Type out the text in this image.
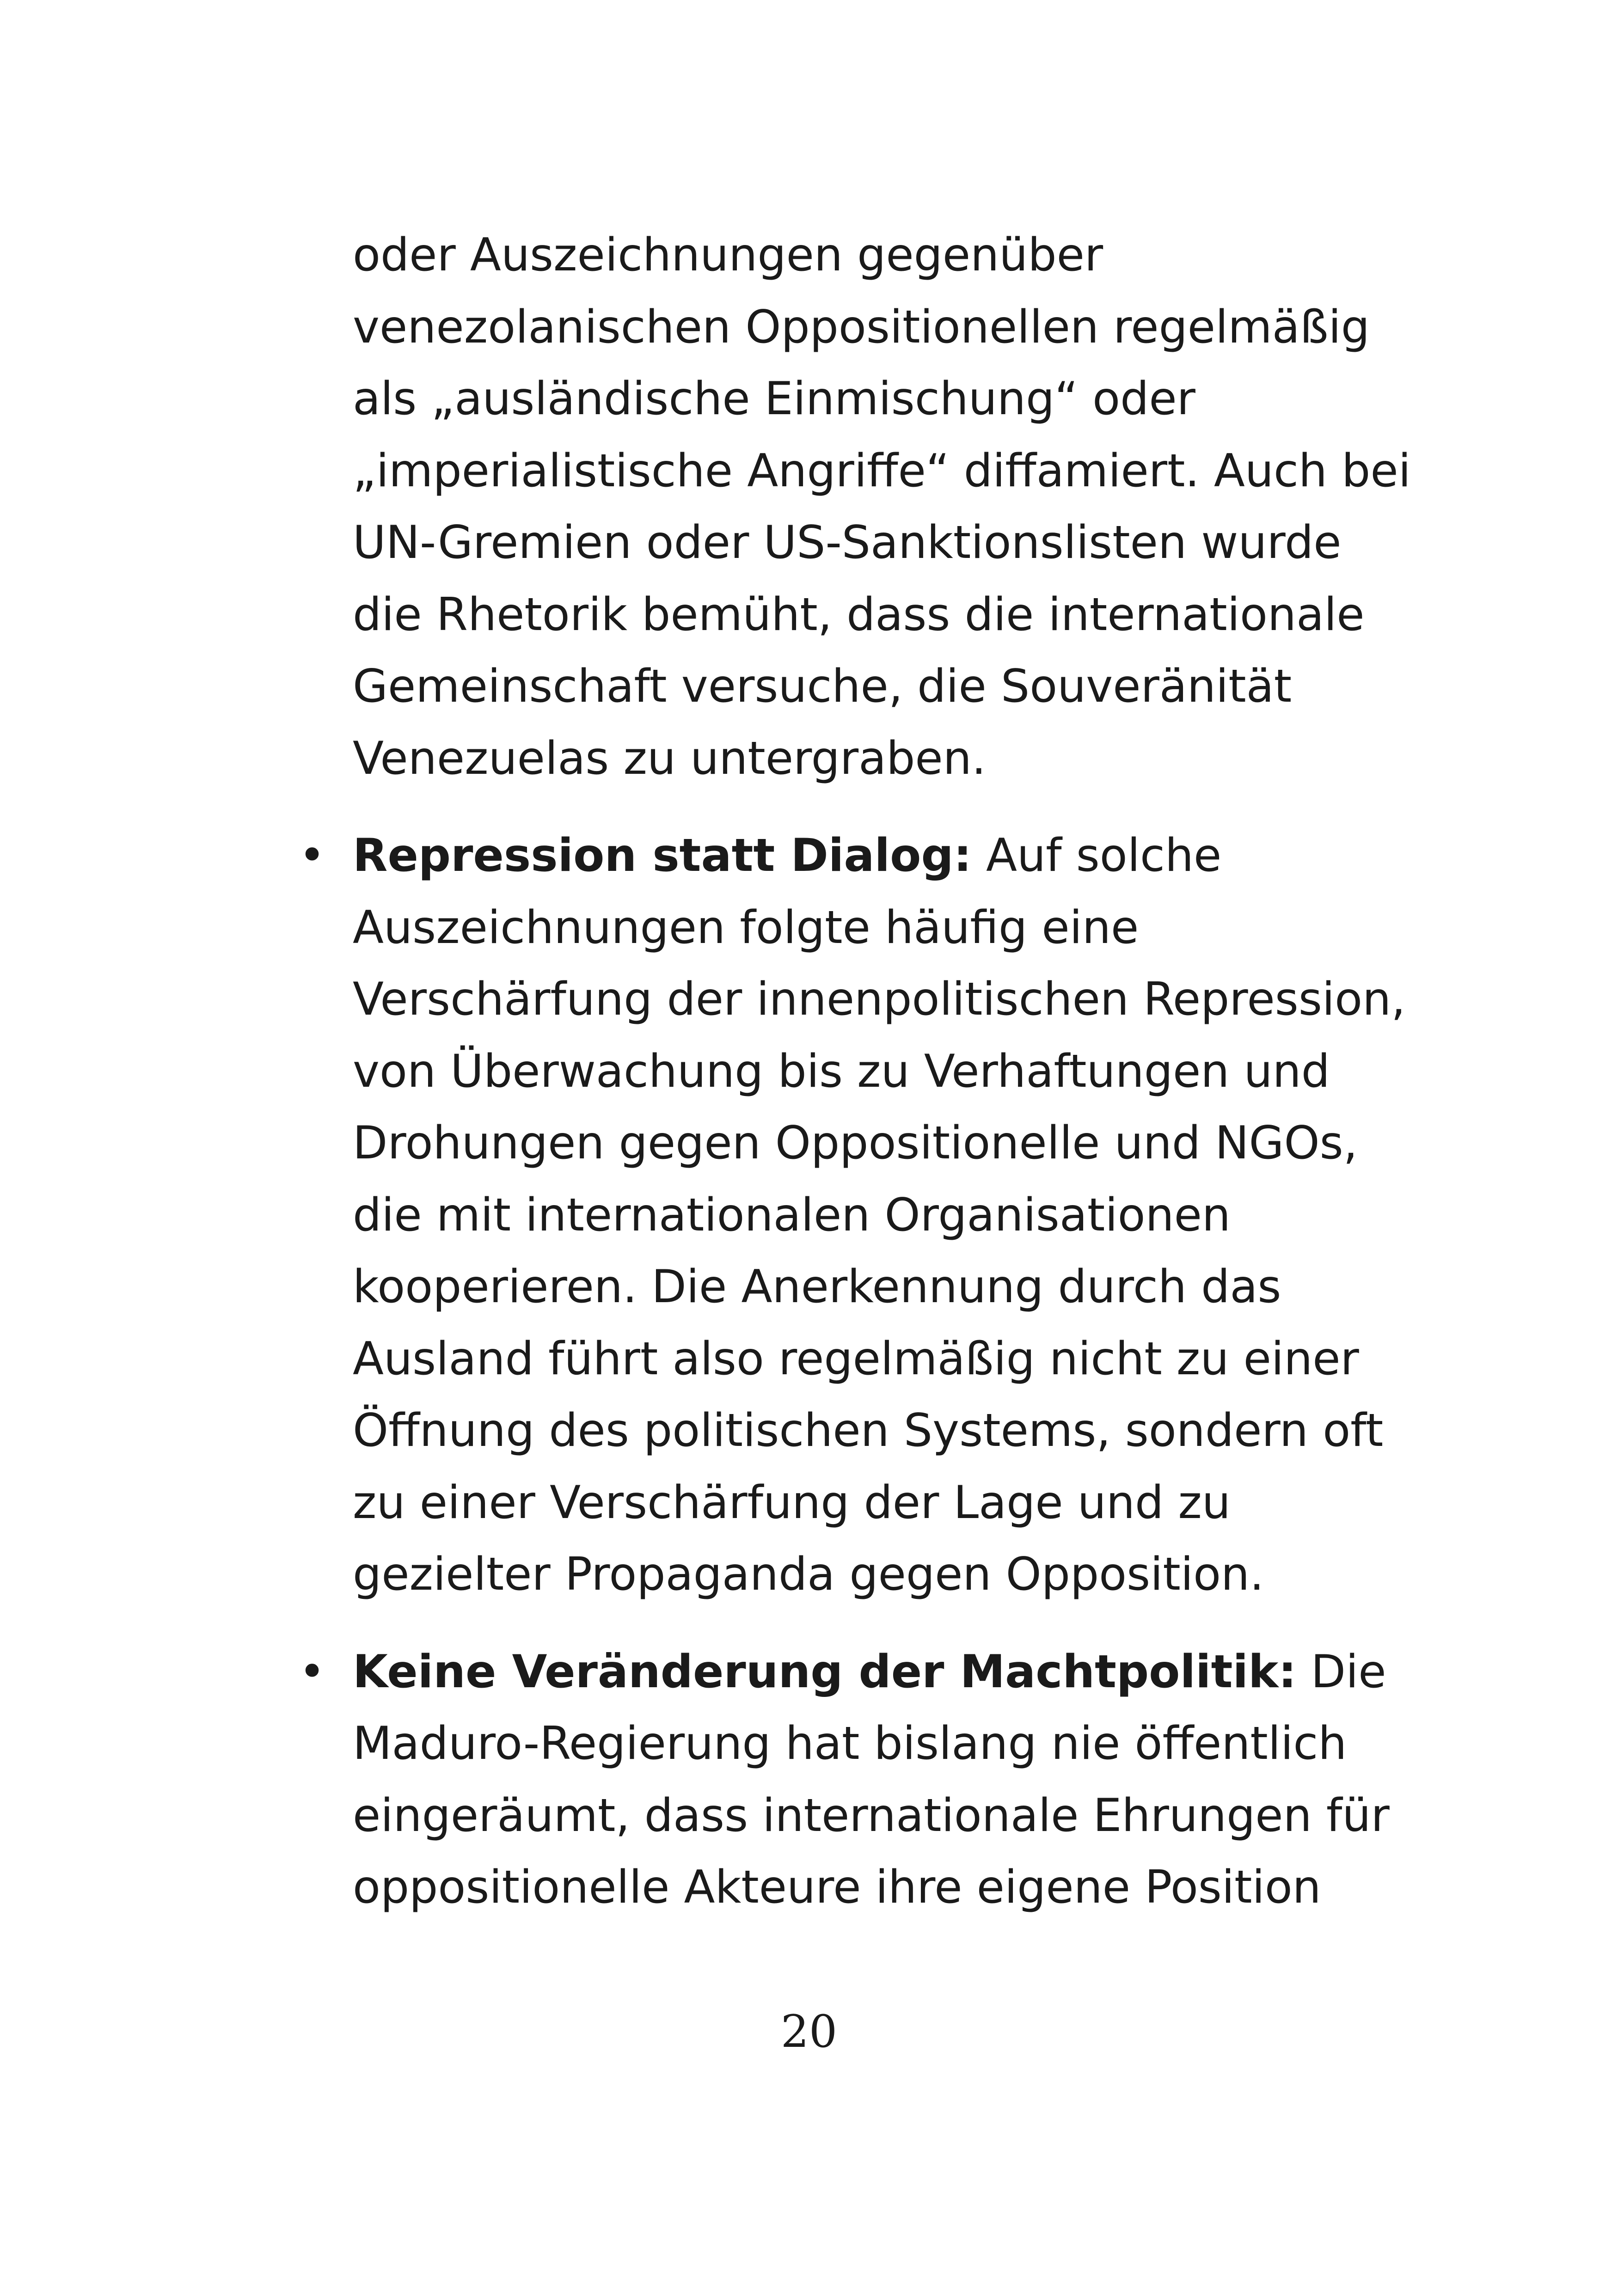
oder Auszeichnungen gegenüber venezolanischen Oppositionellen regelmäßig als „ausländische Einmischung“ oder „imperialistische Angriffe“ diffamiert. Auch bei UN-Gremien oder US-Sanktionslisten wurde die Rhetorik bemüht, dass die internationale Gemeinschaft versuche, die Souveränität Venezuelas zu untergraben.

• Repression statt Dialog: Auf solche Auszeichnungen folgte häufig eine Verschärfung der innenpolitischen Repression, von Überwachung bis zu Verhaftungen und Drohungen gegen Oppositionelle und NGOs, die mit internationalen Organisationen kooperieren. Die Anerkennung durch das Ausland führt also regelmäßig nicht zu einer Öffnung des politischen Systems, sondern oft zu einer Verschärfung der Lage und zu gezielter Propaganda gegen Opposition.
• Keine Veränderung der Machtpolitik: Die Maduro-Regierung hat bislang nie öffentlich eingeräumt, dass internationale Ehrungen für oppositionelle Akteure ihre eigene Position
20
